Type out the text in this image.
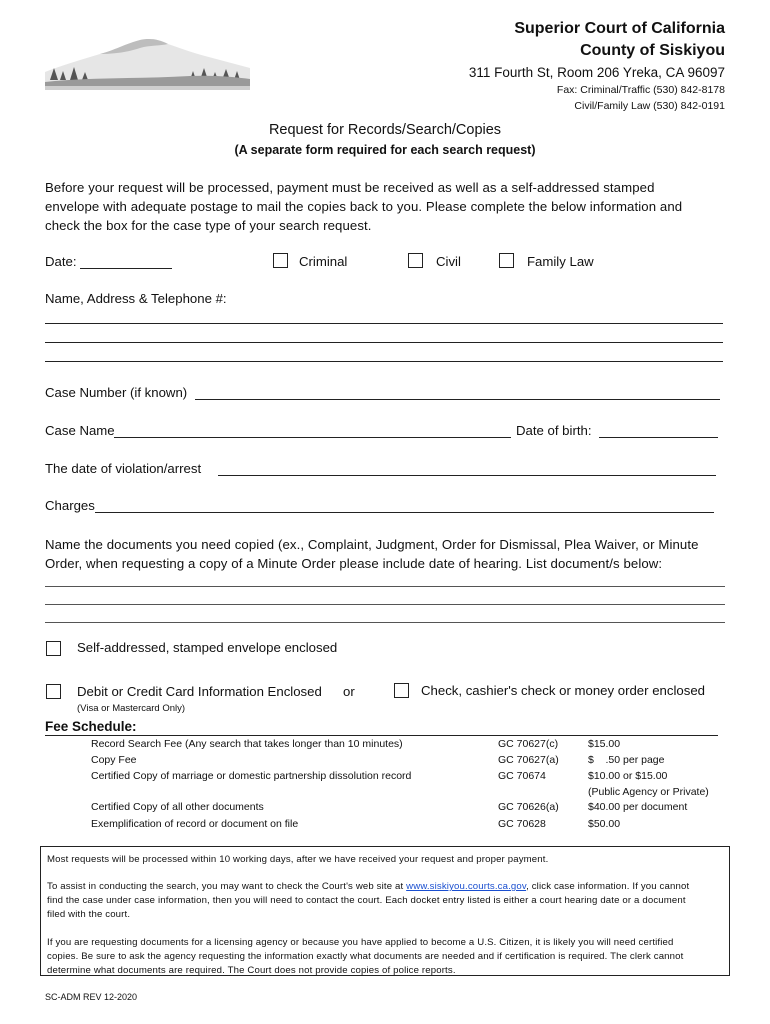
Superior Court of California
County of Siskiyou
311 Fourth St, Room 206 Yreka, CA 96097
Fax: Criminal/Traffic (530) 842-8178
Civil/Family Law (530) 842-0191
Request for Records/Search/Copies
(A separate form required for each search request)
Before your request will be processed, payment must be received as well as a self-addressed stamped
envelope with adequate postage to mail the copies back to you. Please complete the below information and
check the box for the case type of your search request.
Date:	Criminal	Civil	Family Law
Name, Address & Telephone #:
Case Number (if known)
Case Name	Date of birth:
The date of violation/arrest
Charges
Name the documents you need copied (ex., Complaint, Judgment, Order for Dismissal, Plea Waiver, or Minute
Order, when requesting a copy of a Minute Order please include date of hearing. List document/s below:
Self-addressed, stamped envelope enclosed
Debit or Credit Card Information Enclosed or
(Visa or Mastercard Only)
Check, cashier's check or money order enclosed
Fee Schedule:
Record Search Fee (Any search that takes longer than 10 minutes)	GC 70627(c)	$15.00
Copy Fee	GC 70627(a)	$    .50 per page
Certified Copy of marriage or domestic partnership dissolution record	GC 70674	$10.00 or $15.00
(Public Agency or Private)
Certified Copy of all other documents	GC 70626(a)	$40.00 per document
Exemplification of record or document on file	GC 70628	$50.00
Most requests will be processed within 10 working days, after we have received your request and proper payment.
To assist in conducting the search, you may want to check the Court's web site at www.siskiyou.courts.ca.gov, click case information. If you cannot
find the case under case information, then you will need to contact the court. Each docket entry listed is either a court hearing date or a document
filed with the court.
If you are requesting documents for a licensing agency or because you have applied to become a U.S. Citizen, it is likely you will need certified
copies. Be sure to ask the agency requesting the information exactly what documents are needed and if certification is required. The clerk cannot
determine what documents are required. The Court does not provide copies of police reports.
SC-ADM REV 12-2020
